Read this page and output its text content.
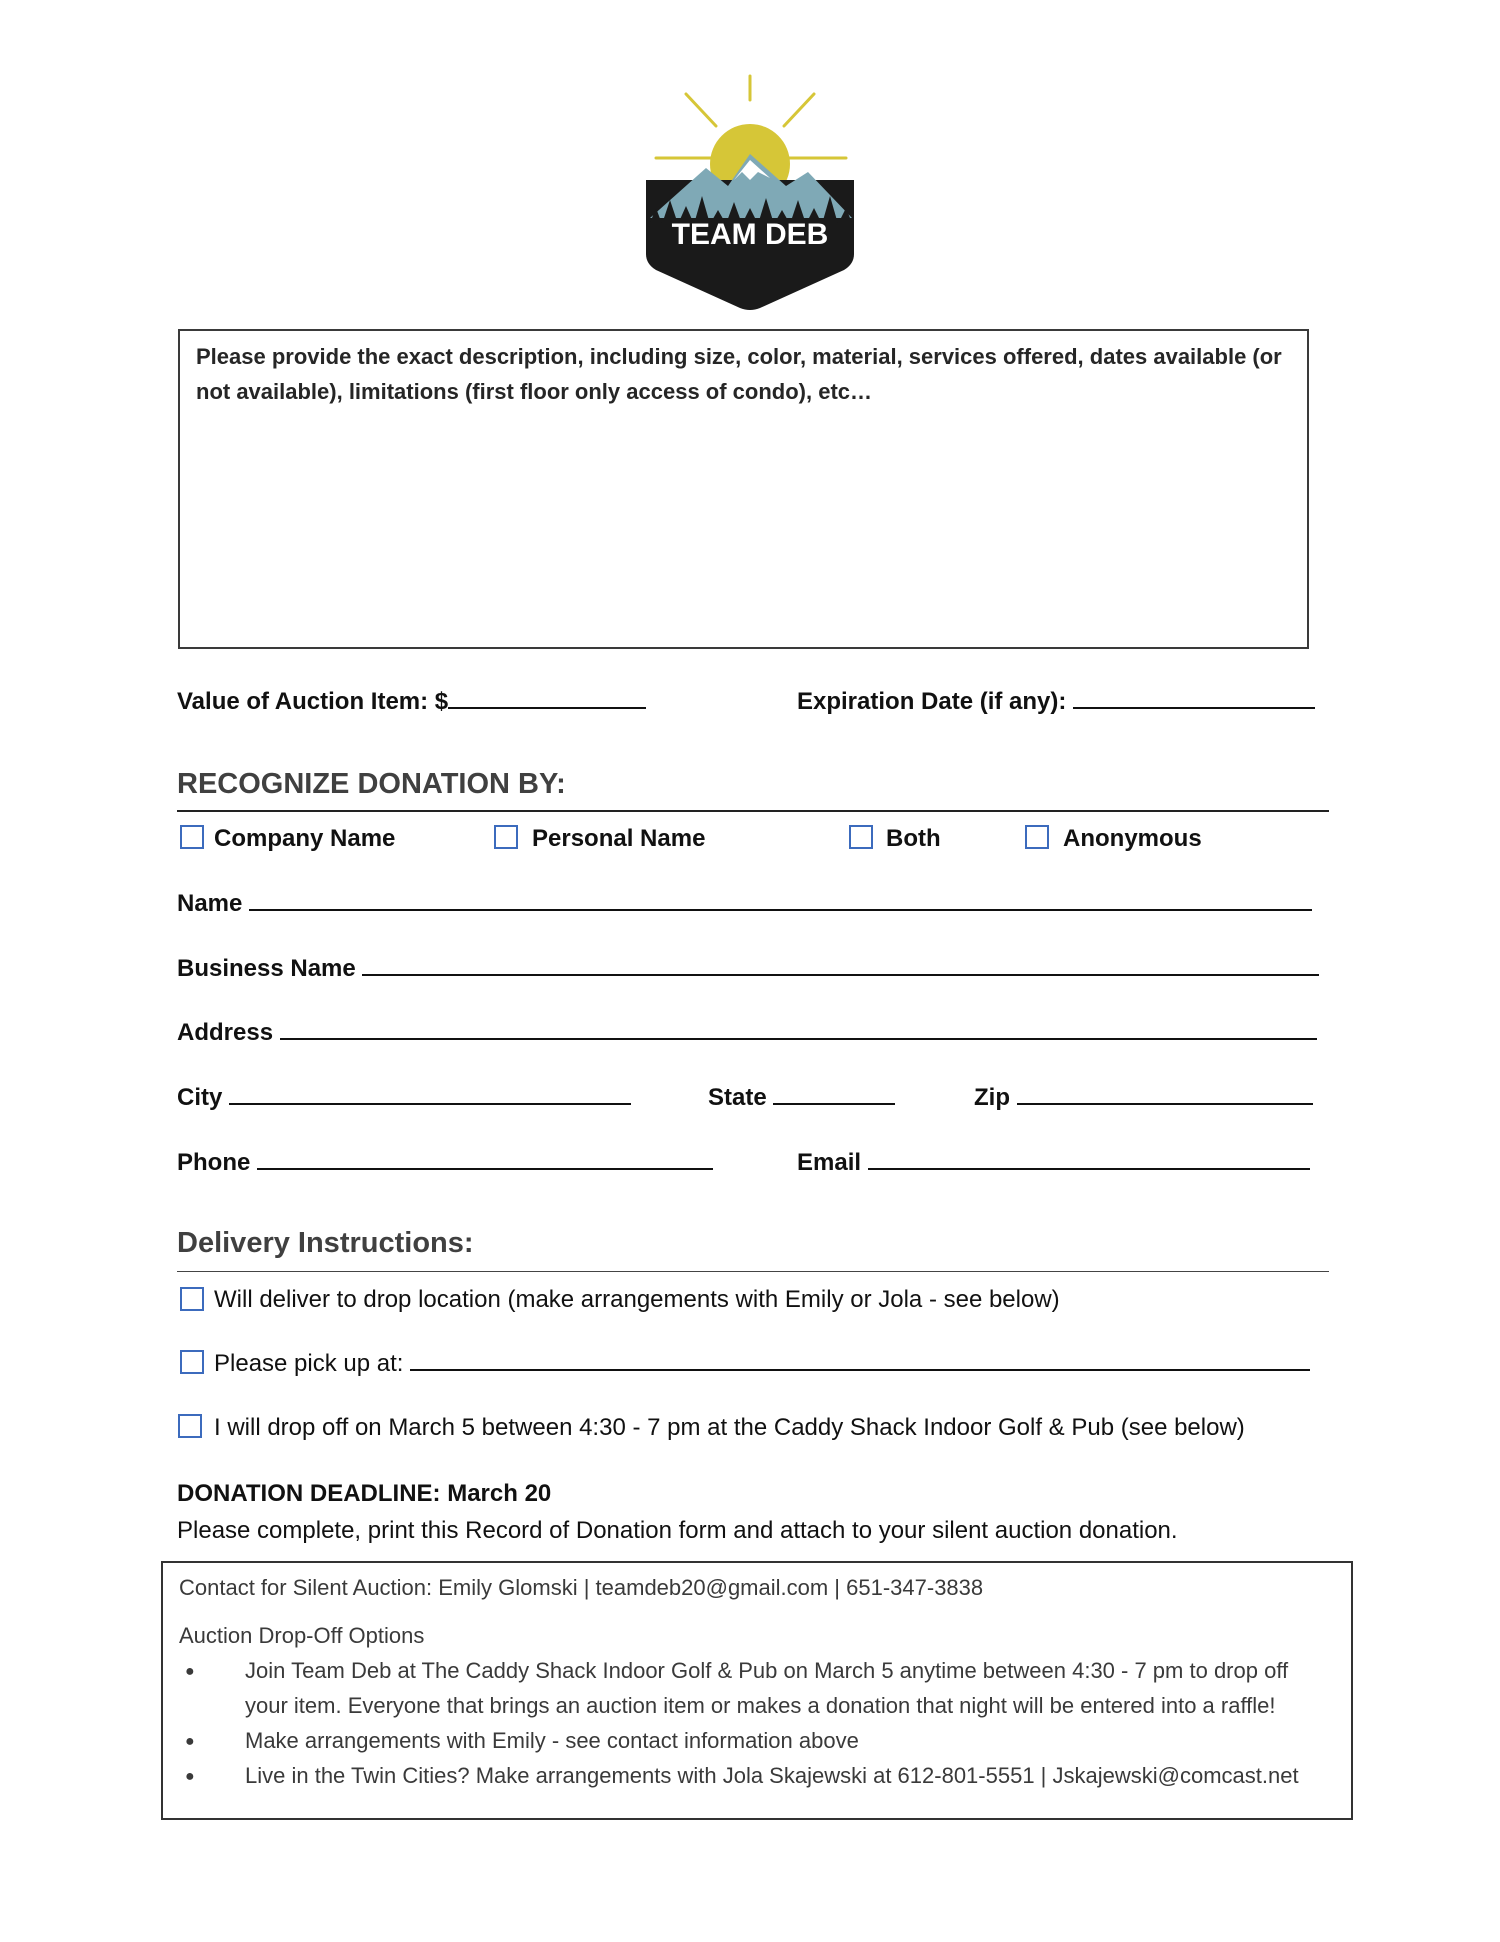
TEAM DEB
Please provide the exact description, including size, color, material, services offered, dates available (or not available), limitations (first floor only access of condo), etc…
Value of Auction Item: $	Expiration Date (if any):
RECOGNIZE DONATION BY:
Company Name	Personal Name	Both	Anonymous
Name
Business Name
Address
City	State	Zip
Phone	Email
Delivery Instructions:
Will deliver to drop location (make arrangements with Emily or Jola - see below)
Please pick up at:
I will drop off on March 5 between 4:30 - 7 pm at the Caddy Shack Indoor Golf & Pub (see below)
DONATION DEADLINE: March 20
Please complete, print this Record of Donation form and attach to your silent auction donation.
Contact for Silent Auction: Emily Glomski | teamdeb20@gmail.com | 651-347-3838
Auction Drop-Off Options
● Join Team Deb at The Caddy Shack Indoor Golf & Pub on March 5 anytime between 4:30 - 7 pm to drop off
your item. Everyone that brings an auction item or makes a donation that night will be entered into a raffle!
● Make arrangements with Emily - see contact information above
● Live in the Twin Cities? Make arrangements with Jola Skajewski at 612-801-5551 | Jskajewski@comcast.net
